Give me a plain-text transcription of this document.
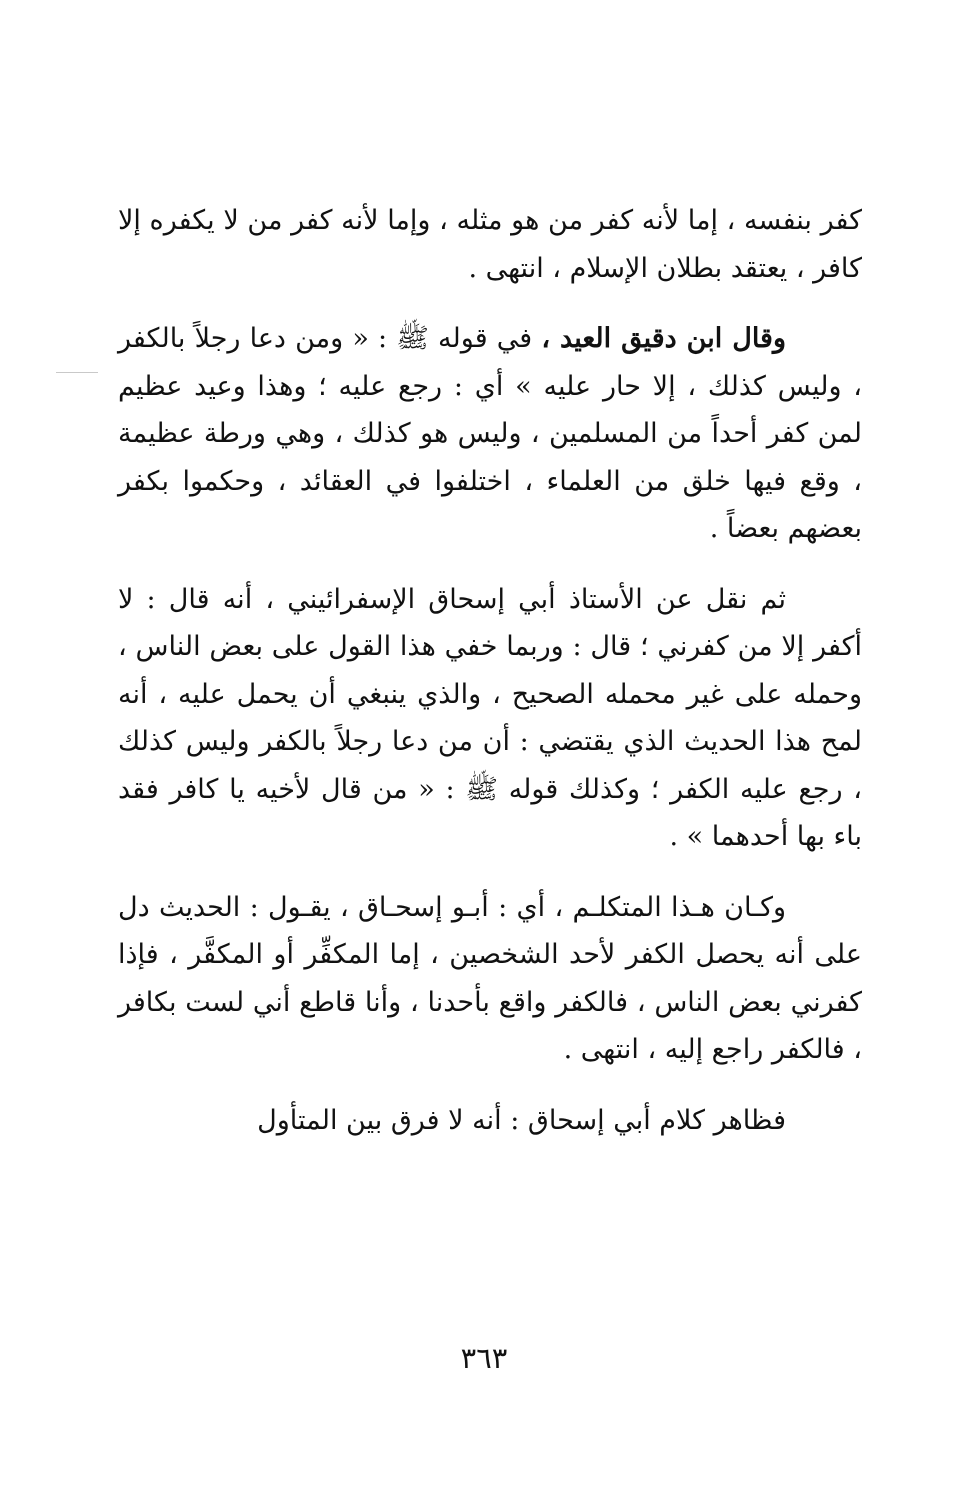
كفر بنفسه ، إما لأنه كفر من هو مثله ، وإما لأنه كفر من لا يكفره إلا كافر ، يعتقد بطلان الإسلام ، انتهى .

وقال ابن دقيق العيد ، في قوله ﷺ : « ومن دعا رجلاً بالكفر ، وليس كذلك ، إلا حار عليه » أي : رجع عليه ؛ وهذا وعيد عظيم لمن كفر أحداً من المسلمين ، وليس هو كذلك ، وهي ورطة عظيمة ، وقع فيها خلق من العلماء ، اختلفوا في العقائد ، وحكموا بكفر بعضهم بعضاً .

ثم نقل عن الأستاذ أبي إسحاق الإسفرائيني ، أنه قال : لا أكفر إلا من كفرني ؛ قال : وربما خفي هذا القول على بعض الناس ، وحمله على غير محمله الصحيح ، والذي ينبغي أن يحمل عليه ، أنه لمح هذا الحديث الذي يقتضي : أن من دعا رجلاً بالكفر وليس كذلك ، رجع عليه الكفر ؛ وكذلك قوله ﷺ : « من قال لأخيه يا كافر فقد باء بها أحدهما » .

وكـان هـذا المتكلـم ، أي : أبـو إسحـاق ، يقـول : الحديث دل على أنه يحصل الكفر لأحد الشخصين ، إما المكفِّر أو المكفَّر ، فإذا كفرني بعض الناس ، فالكفر واقع بأحدنا ، وأنا قاطع أني لست بكافر ، فالكفر راجع إليه ، انتهى .

فظاهر كلام أبي إسحاق : أنه لا فرق بين المتأول

٣٦٣
